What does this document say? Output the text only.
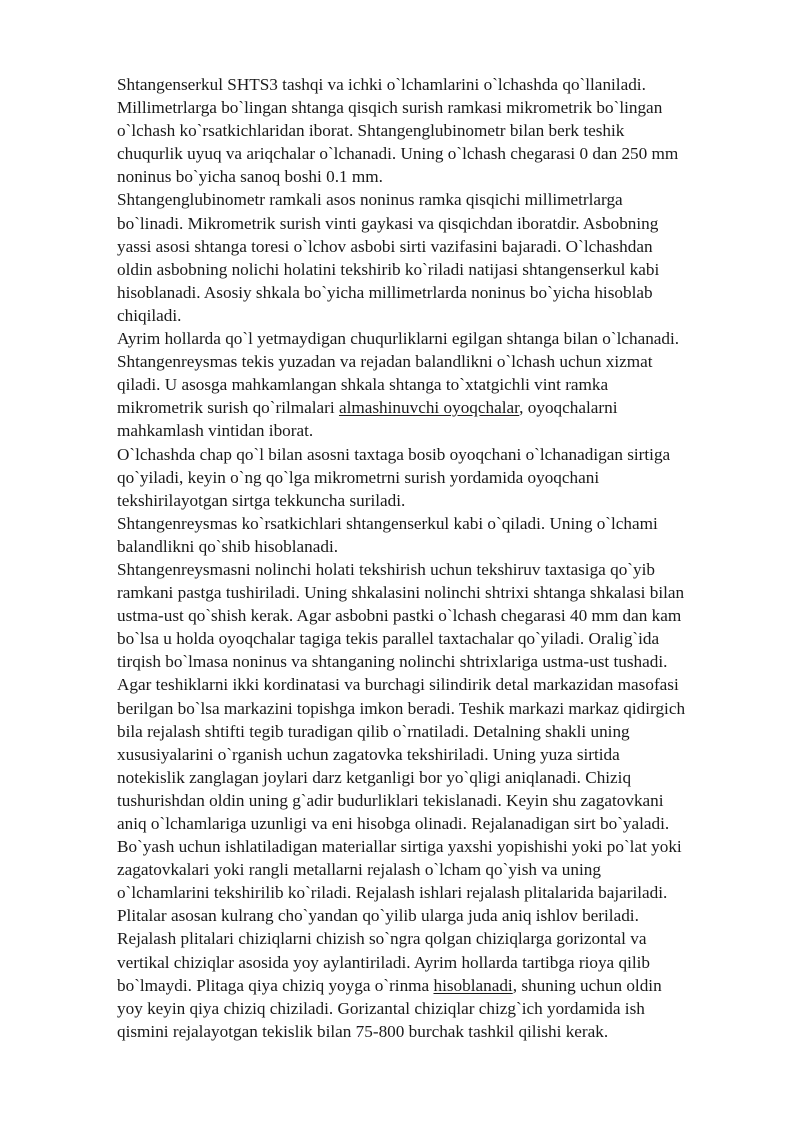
Shtangenserkul SHTS3 tashqi va ichki o`lchamlarini o`lchashda qo`llaniladi.
Millimetrlarga bo`lingan shtanga qisqich surish ramkasi mikrometrik bo`lingan
o`lchash ko`rsatkichlaridan iborat. Shtangenglubinometr bilan berk teshik
chuqurlik uyuq va ariqchalar o`lchanadi. Uning o`lchash chegarasi 0 dan 250 mm
noninus bo`yicha sanoq boshi 0.1 mm.
Shtangenglubinometr ramkali asos noninus ramka qisqichi millimetrlarga
bo`linadi. Mikrometrik surish vinti gaykasi va qisqichdan iboratdir. Asbobning
yassi asosi shtanga toresi o`lchov asbobi sirti vazifasini bajaradi. O`lchashdan
oldin asbobning nolichi holatini tekshirib ko`riladi natijasi shtangenserkul kabi
hisoblanadi. Asosiy shkala bo`yicha millimetrlarda noninus bo`yicha hisoblab
chiqiladi.
Ayrim hollarda qo`l yetmaydigan chuqurliklarni egilgan shtanga bilan o`lchanadi.
Shtangenreysmas tekis yuzadan va rejadan balandlikni o`lchash uchun xizmat
qiladi. U asosga mahkamlangan shkala shtanga to`xtatgichli vint ramka
mikrometrik surish qo`rilmalari almashinuvchi oyoqchalar, oyoqchalarni
mahkamlash vintidan iborat.
O`lchashda chap qo`l bilan asosni taxtaga bosib oyoqchani o`lchanadigan sirtiga
qo`yiladi, keyin o`ng qo`lga mikrometrni surish yordamida oyoqchani
tekshirilayotgan sirtga tekkuncha suriladi.
Shtangenreysmas ko`rsatkichlari shtangenserkul kabi o`qiladi. Uning o`lchami
balandlikni qo`shib hisoblanadi.
Shtangenreysmasni nolinchi holati tekshirish uchun tekshiruv taxtasiga qo`yib
ramkani pastga tushiriladi. Uning shkalasini nolinchi shtrixi shtanga shkalasi bilan
ustma-ust qo`shish kerak. Agar asbobni pastki o`lchash chegarasi 40 mm dan kam
bo`lsa u holda oyoqchalar tagiga tekis parallel taxtachalar qo`yiladi. Oralig`ida
tirqish bo`lmasa noninus va shtanganing nolinchi shtrixlariga ustma-ust tushadi.
Agar teshiklarni ikki kordinatasi va burchagi silindirik detal markazidan masofasi
berilgan bo`lsa markazini topishga imkon beradi. Teshik markazi markaz qidirgich
bila rejalash shtifti tegib turadigan qilib o`rnatiladi. Detalning shakli uning
xususiyalarini o`rganish uchun zagatovka tekshiriladi. Uning yuza sirtida
notekislik zanglagan joylari darz ketganligi bor yo`qligi aniqlanadi. Chiziq
tushurishdan oldin uning g`adir budurliklari tekislanadi. Keyin shu zagatovkani
aniq o`lchamlariga uzunligi va eni hisobga olinadi. Rejalanadigan sirt bo`yaladi.
Bo`yash uchun ishlatiladigan materiallar sirtiga yaxshi yopishishi yoki po`lat yoki
zagatovkalari yoki rangli metallarni rejalash o`lcham qo`yish va uning
o`lchamlarini tekshirilib ko`riladi. Rejalash ishlari rejalash plitalarida bajariladi.
Plitalar asosan kulrang cho`yandan qo`yilib ularga juda aniq ishlov beriladi.
Rejalash plitalari chiziqlarni chizish so`ngra qolgan chiziqlarga gorizontal va
vertikal chiziqlar asosida yoy aylantiriladi. Ayrim hollarda tartibga rioya qilib
bo`lmaydi. Plitaga qiya chiziq yoyga o`rinma hisoblanadi, shuning uchun oldin
yoy keyin qiya chiziq chiziladi. Gorizantal chiziqlar chizg`ich yordamida ish
qismini rejalayotgan tekislik bilan 75-800 burchak tashkil qilishi kerak.
